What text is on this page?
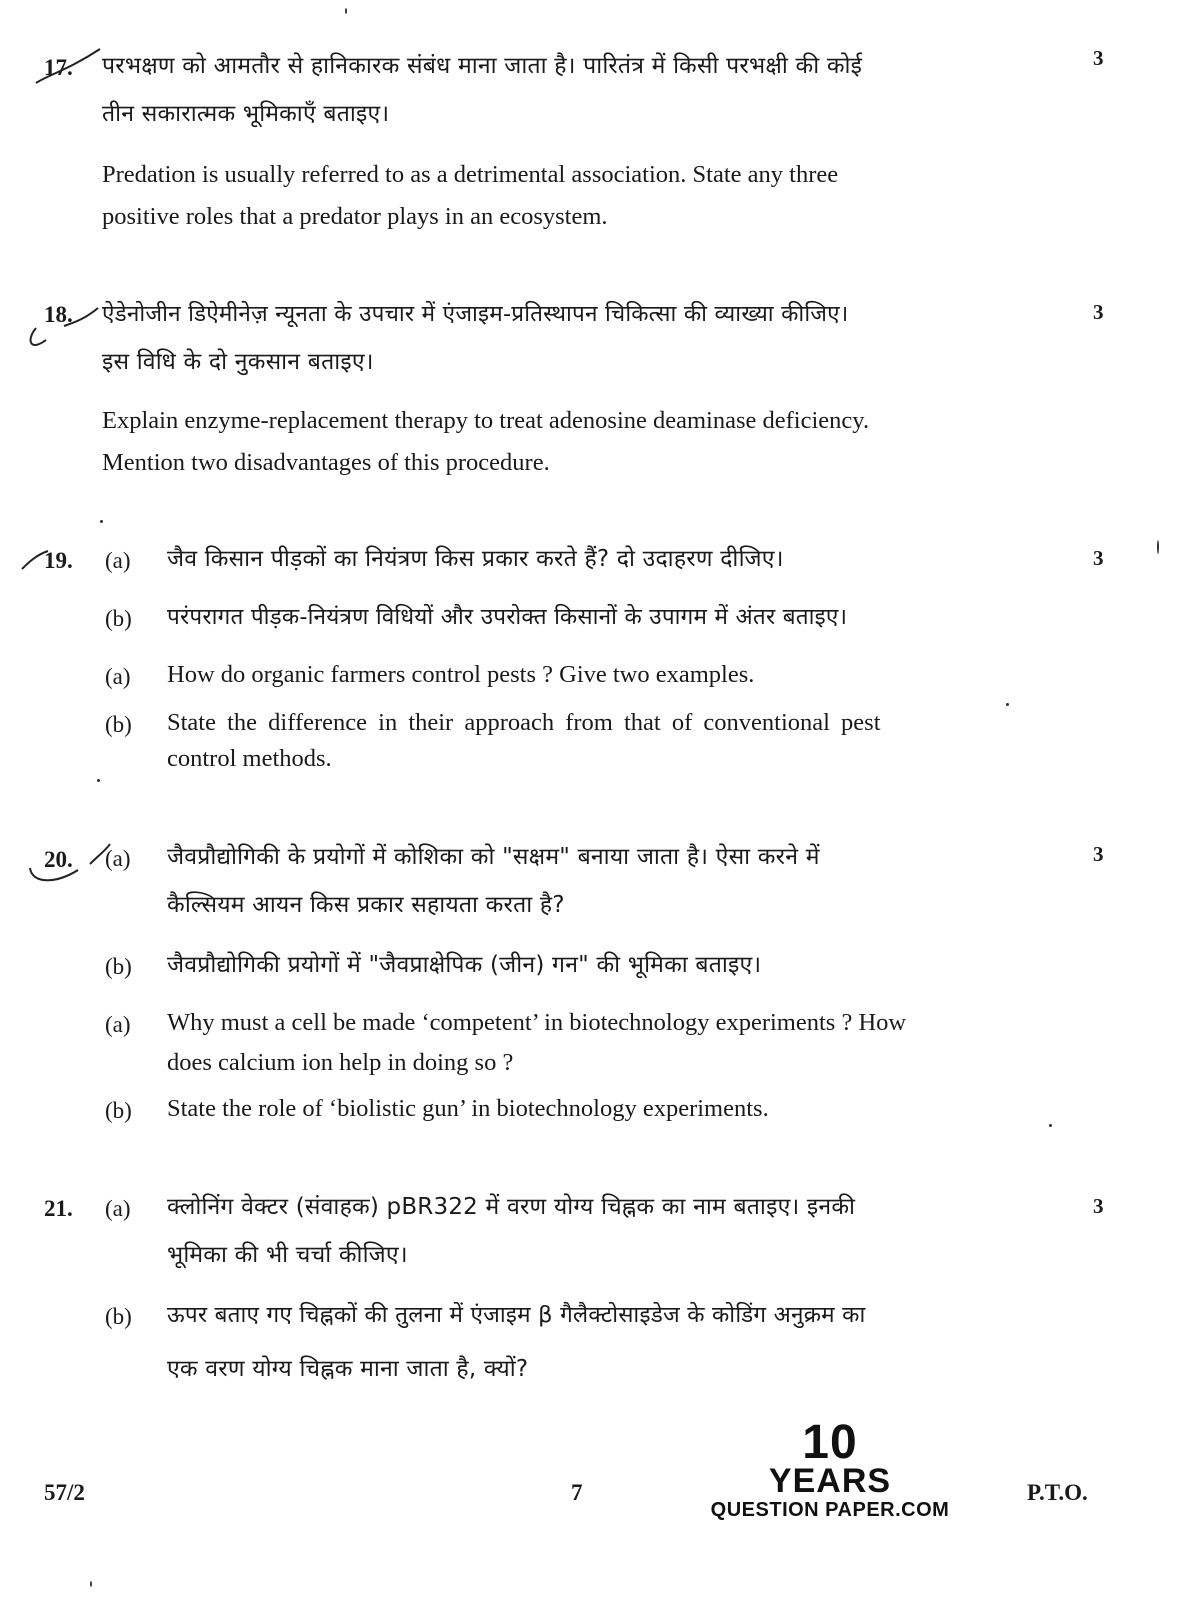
17.	3
परभक्षण को आमतौर से हानिकारक संबंध माना जाता है। पारितंत्र में किसी परभक्षी की कोई
तीन सकारात्मक भूमिकाएँ बताइए।
Predation is usually referred to as a detrimental association. State any three
positive roles that a predator plays in an ecosystem.
18.	3
ऐडेनोजीन डिऐमीनेज़ न्यूनता के उपचार में एंजाइम-प्रतिस्थापन चिकित्सा की व्याख्या कीजिए।
इस विधि के दो नुकसान बताइए।
Explain enzyme-replacement therapy to treat adenosine deaminase deficiency.
Mention two disadvantages of this procedure.
19.	3
(a) जैव किसान पीड़कों का नियंत्रण किस प्रकार करते हैं? दो उदाहरण दीजिए।
(b) परंपरागत पीड़क-नियंत्रण विधियों और उपरोक्त किसानों के उपागम में अंतर बताइए।
(a) How do organic farmers control pests ? Give two examples.
(b) State the difference in their approach from that of conventional pest
control methods.
20.	3
(a) जैवप्रौद्योगिकी के प्रयोगों में कोशिका को "सक्षम" बनाया जाता है। ऐसा करने में
कैल्सियम आयन किस प्रकार सहायता करता है?
(b) जैवप्रौद्योगिकी प्रयोगों में "जैवप्राक्षेपिक (जीन) गन" की भूमिका बताइए।
(a) Why must a cell be made ‘competent’ in biotechnology experiments ? How
does calcium ion help in doing so ?
(b) State the role of ‘biolistic gun’ in biotechnology experiments.
21.	3
(a) क्लोनिंग वेक्टर (संवाहक) pBR322 में वरण योग्य चिह्नक का नाम बताइए। इनकी
भूमिका की भी चर्चा कीजिए।
(b) ऊपर बताए गए चिह्नकों की तुलना में एंजाइम β गैलैक्टोसाइडेज के कोडिंग अनुक्रम का
एक वरण योग्य चिह्नक माना जाता है, क्यों?
57/2	7	P.T.O.
10
YEARS
QUESTION PAPER.COM
